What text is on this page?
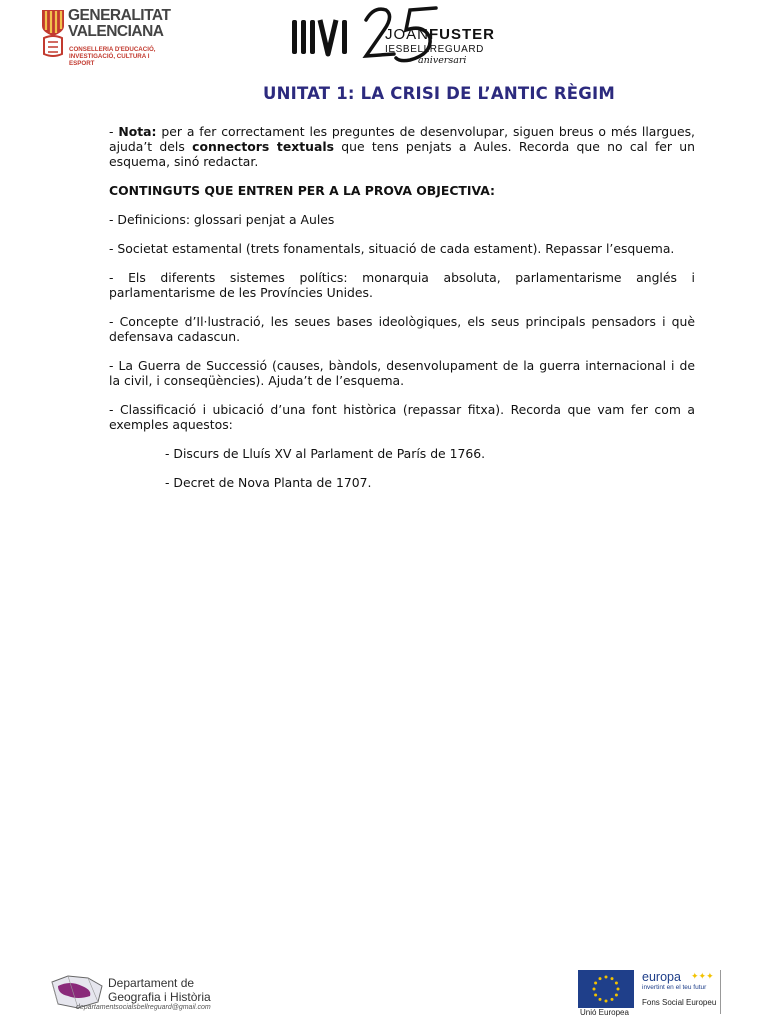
GENERALITAT
VALENCIANA
CONSELLERIA D'EDUCACIÓ,
INVESTIGACIÓ, CULTURA I ESPORT
JOANFUSTER
IESBELLREGUARD
aniversari
UNITAT 1: LA CRISI DE L’ANTIC RÈGIM

- Nota: per a fer correctament les preguntes de desenvolupar, siguen breus o més llargues, ajuda’t dels connectors textuals que tens penjats a Aules. Recorda que no cal fer un esquema, sinó redactar.

CONTINGUTS QUE ENTREN PER A LA PROVA OBJECTIVA:

- Definicions: glossari penjat a Aules

- Societat estamental (trets fonamentals, situació de cada estament). Repassar l’esquema.

- Els diferents sistemes polítics: monarquia absoluta, parlamentarisme anglés i parlamentarisme de les Províncies Unides.

- Concepte d’Il·lustració, les seues bases ideològiques, els seus principals pensadors i què defensava cadascun.

- La Guerra de Successió (causes, bàndols, desenvolupament de la guerra internacional i de la civil, i conseqüències). Ajuda’t de l’esquema.

- Classificació i ubicació d’una font històrica (repassar fitxa). Recorda que vam fer com a exemples aquestos:

- Discurs de Lluís XV al Parlament de París de 1766.

- Decret de Nova Planta de 1707.

Departament de
Geografia i Història
departamentsocialsbellreguard@gmail.com
Unió Europea
europa ✦✦✦
invertint en el teu futur
Fons Social Europeu
